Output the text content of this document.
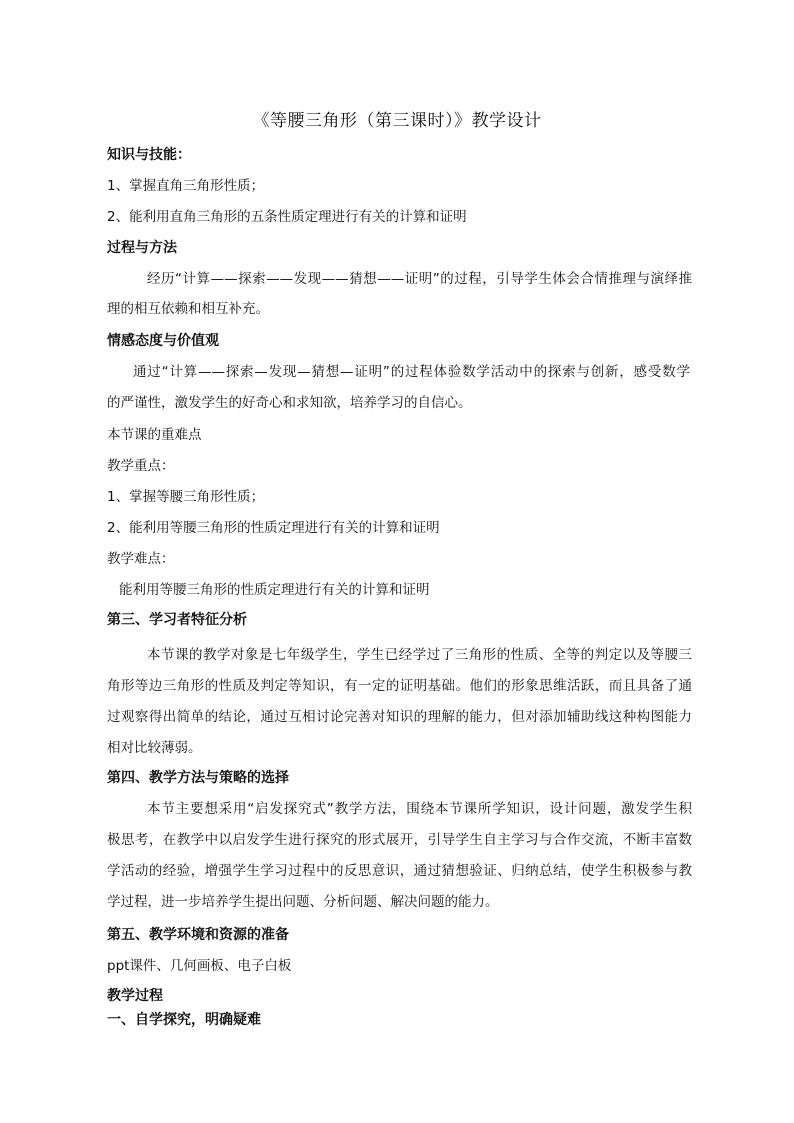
《等腰三角形（第三课时）》教学设计
知识与技能：
1、掌握直角三角形性质；
2、能利用直角三角形的五条性质定理进行有关的计算和证明
过程与方法
经历“计算——探索——发现——猜想——证明”的过程，引导学生体会合情推理与演绎推
理的相互依赖和相互补充。
情感态度与价值观
通过“计算——探索—发现—猜想—证明”的过程体验数学活动中的探索与创新，感受数学
的严谨性，激发学生的好奇心和求知欲，培养学习的自信心。
本节课的重难点
教学重点：
1、掌握等腰三角形性质；
2、能利用等腰三角形的性质定理进行有关的计算和证明
教学难点：
能利用等腰三角形的性质定理进行有关的计算和证明
第三、学习者特征分析
本节课的教学对象是七年级学生，学生已经学过了三角形的性质、全等的判定以及等腰三
角形等边三角形的性质及判定等知识，有一定的证明基础。他们的形象思维活跃，而且具备了通
过观察得出简单的结论，通过互相讨论完善对知识的理解的能力，但对添加辅助线这种构图能力
相对比较薄弱。
第四、教学方法与策略的选择
本节主要想采用“启发探究式”教学方法，围绕本节课所学知识，设计问题，激发学生积
极思考，在教学中以启发学生进行探究的形式展开，引导学生自主学习与合作交流，不断丰富数
学活动的经验，增强学生学习过程中的反思意识，通过猜想验证、归纳总结，使学生积极参与教
学过程，进一步培养学生提出问题、分析问题、解决问题的能力。
第五、教学环境和资源的准备
ppt课件、几何画板、电子白板
教学过程
一、自学探究，明确疑难
